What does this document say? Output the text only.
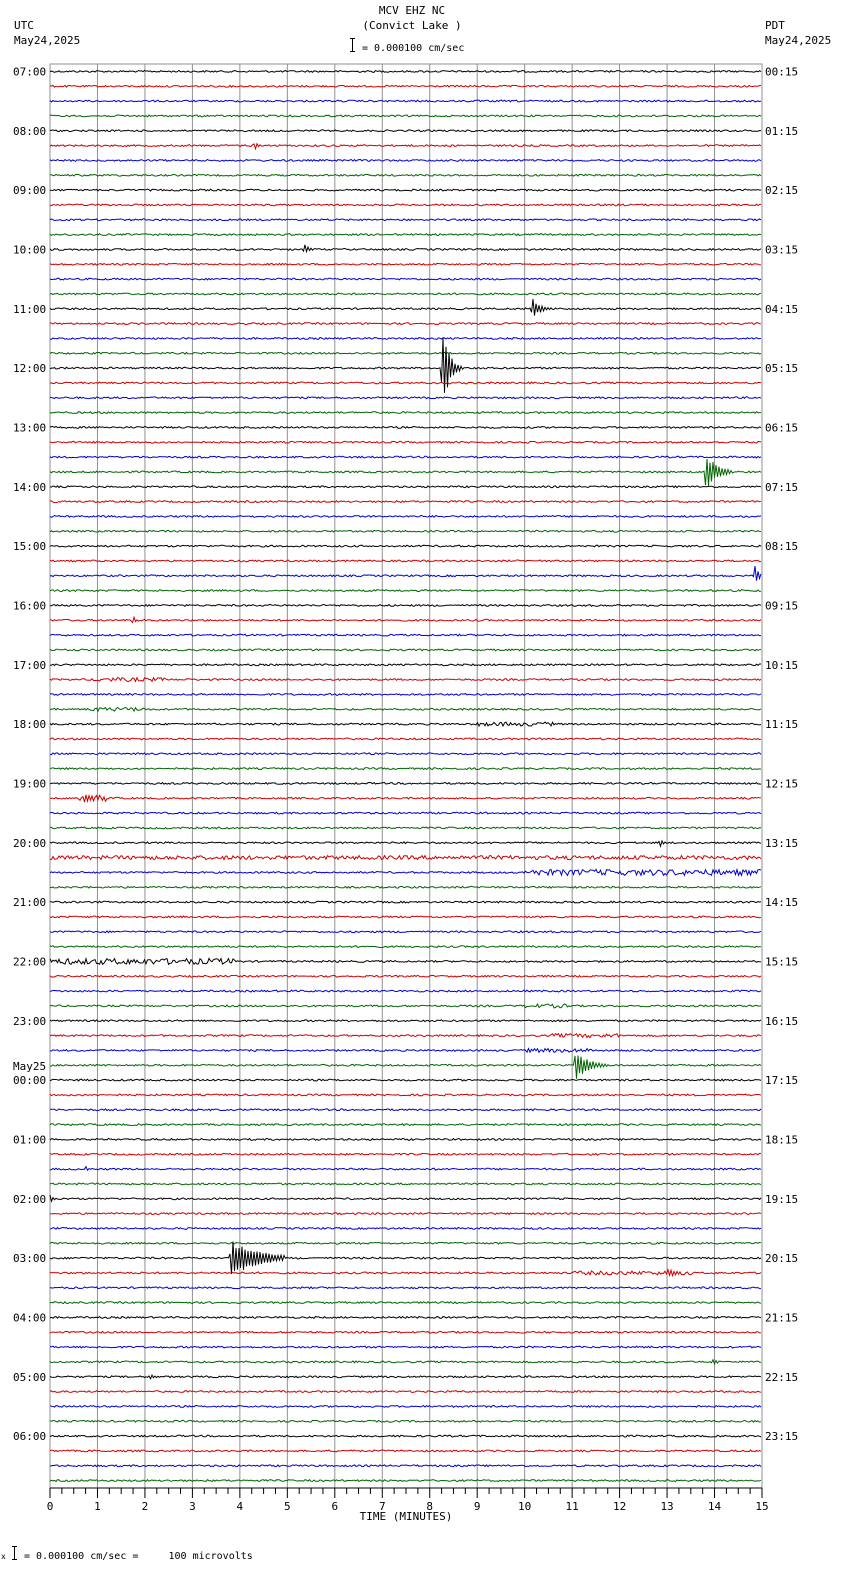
MCV EHZ NC
(Convict Lake )
= 0.000100 cm/sec
UTC
May24,2025
PDT
May24,2025
07:00
08:00
09:00
10:00
11:00
12:00
13:00
14:00
15:00
16:00
17:00
18:00
19:00
20:00
21:00
22:00
23:00
00:00
May25
01:00
02:00
03:00
04:00
05:00
06:00
00:15
01:15
02:15
03:15
04:15
05:15
06:15
07:15
08:15
09:15
10:15
11:15
12:15
13:15
14:15
15:15
16:15
17:15
18:15
19:15
20:15
21:15
22:15
23:15
0	1	2	3	4	5	6	7	8	9	10	11	12	13	14	15
TIME (MINUTES)
x = 0.000100 cm/sec =     100 microvolts
